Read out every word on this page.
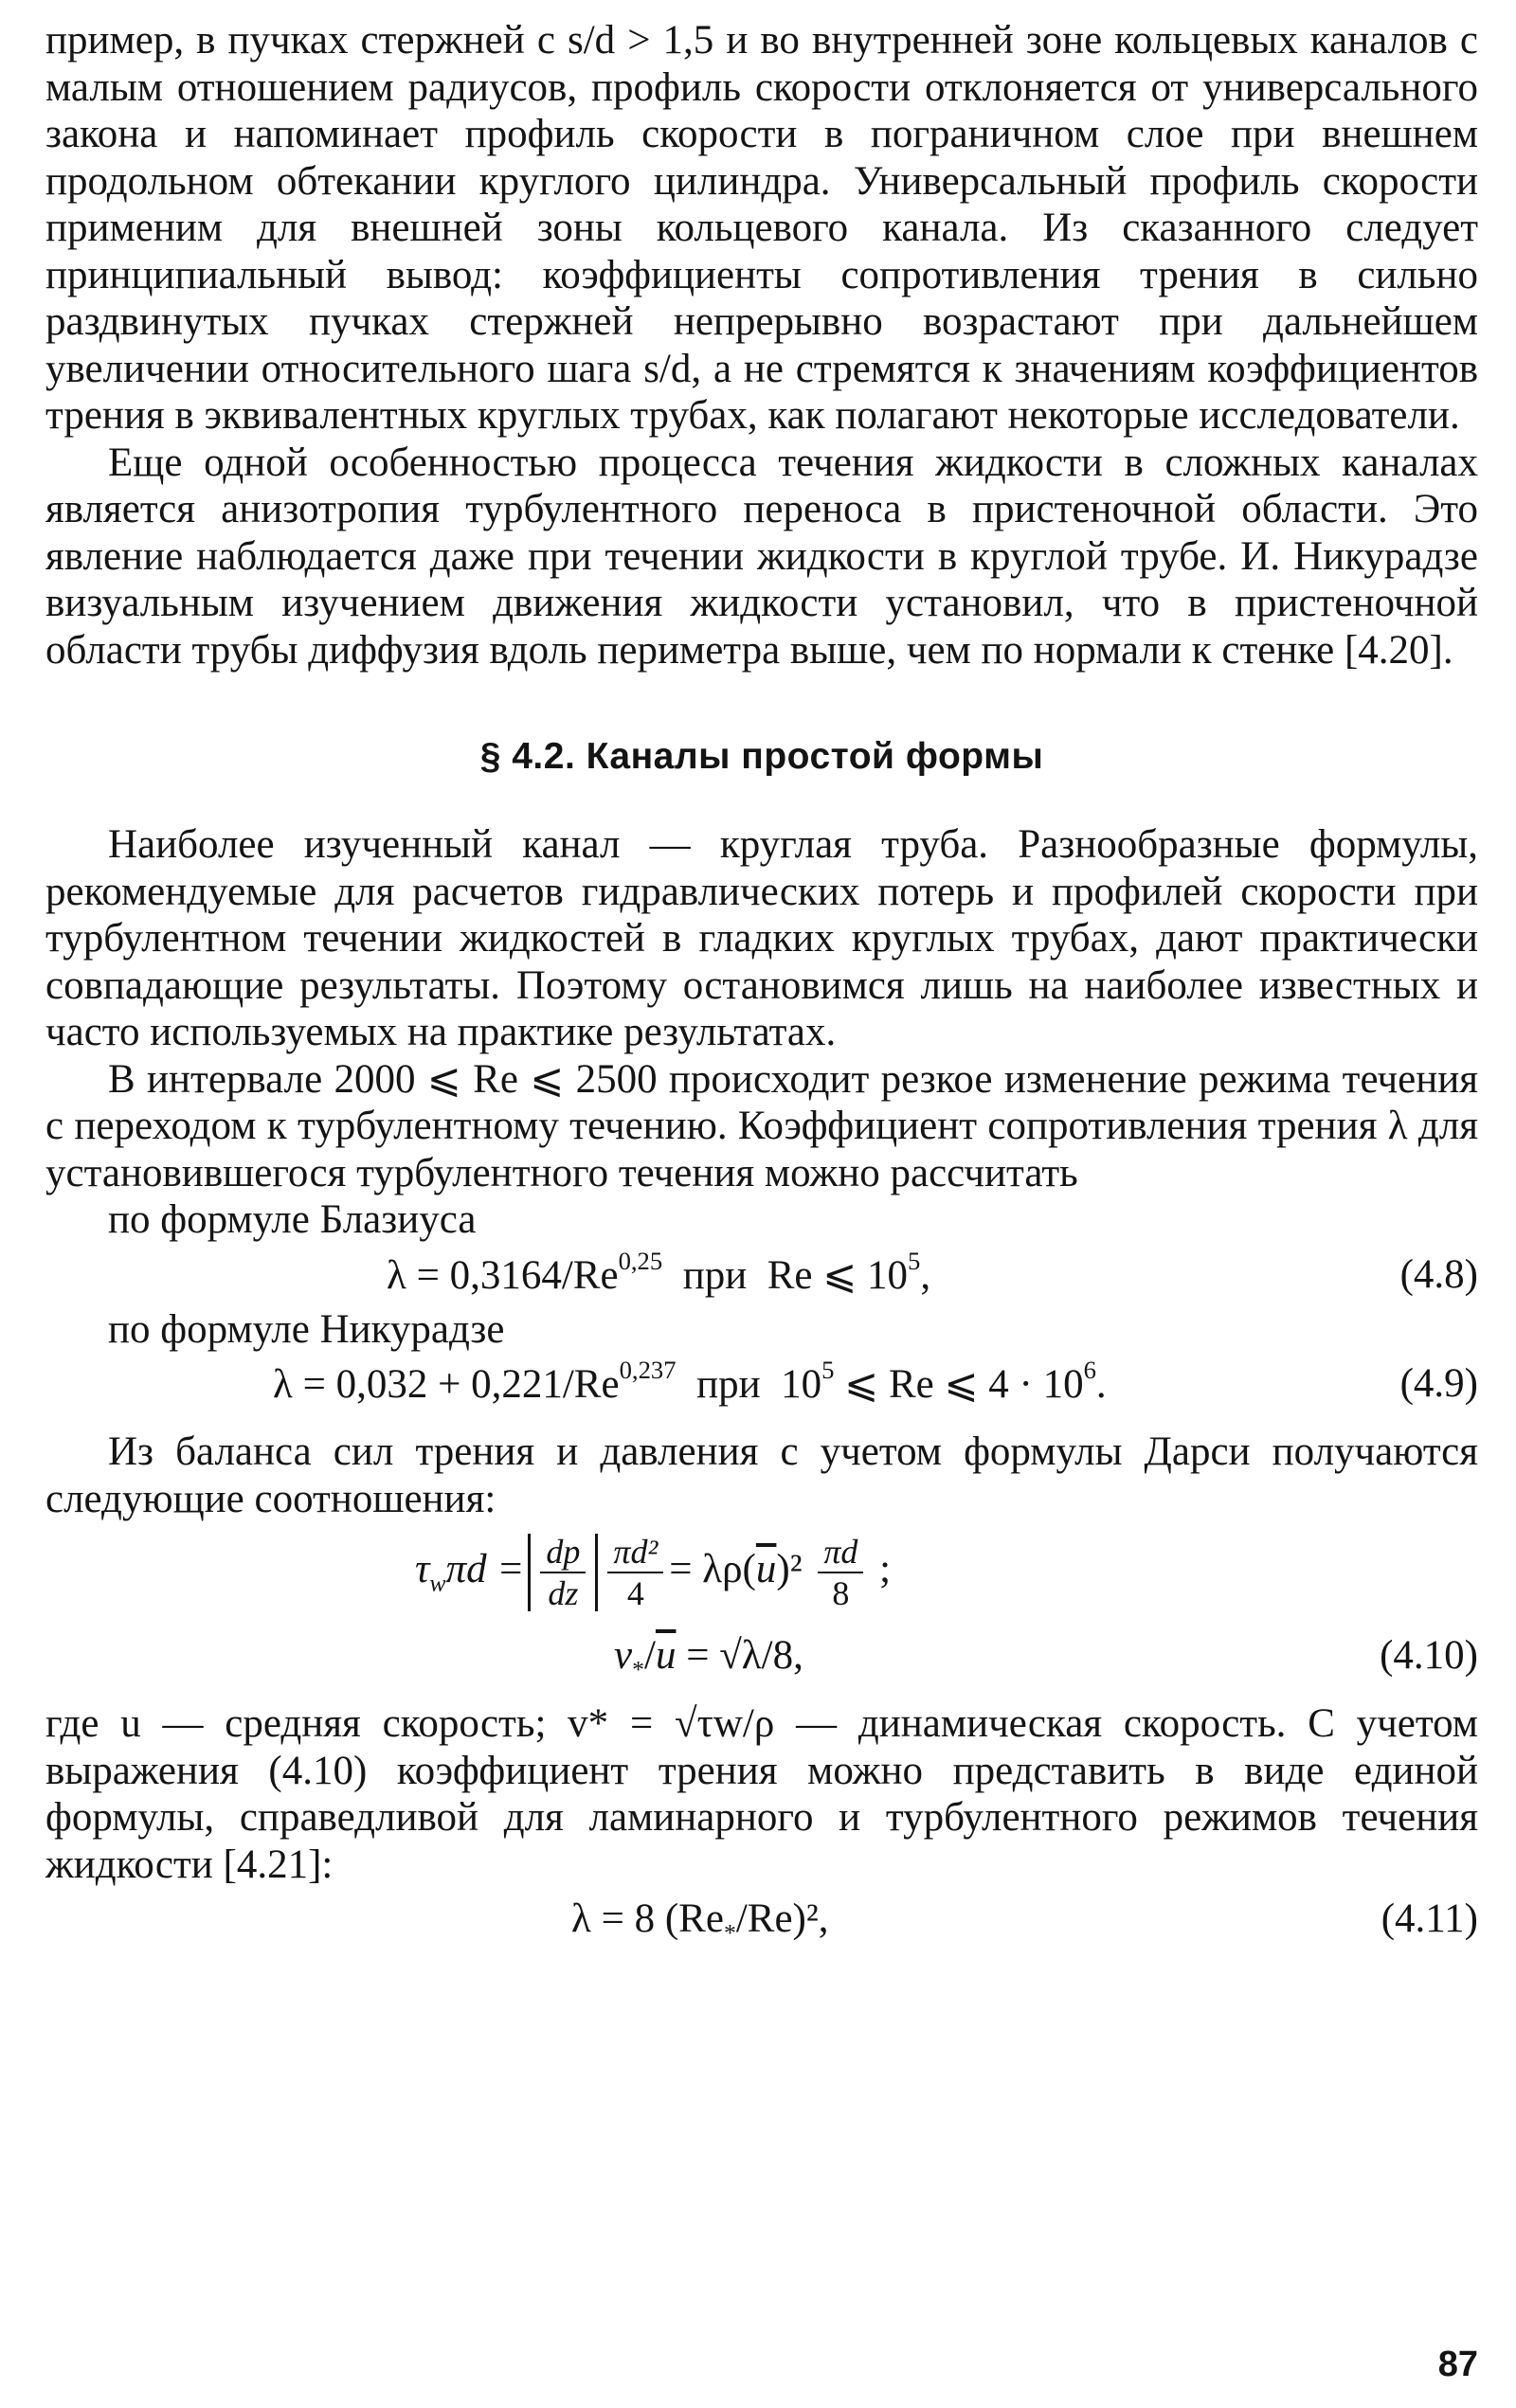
пример, в пучках стержней с s/d > 1,5 и во внутренней зоне кольцевых каналов с малым отношением радиусов, профиль скорости отклоняется от универсального закона и напоминает профиль скорости в пограничном слое при внешнем продольном обтекании круглого цилиндра. Универсальный профиль скорости применим для внешней зоны кольцевого канала. Из сказанного следует принципиальный вывод: коэффициенты сопротивления трения в сильно раздвинутых пучках стержней непрерывно возрастают при дальнейшем увеличении относительного шага s/d, а не стремятся к значениям коэффициентов трения в эквивалентных круглых трубах, как полагают некоторые исследователи.

Еще одной особенностью процесса течения жидкости в сложных каналах является анизотропия турбулентного переноса в пристеночной области. Это явление наблюдается даже при течении жидкости в круглой трубе. И. Никурадзе визуальным изучением движения жидкости установил, что в пристеночной области трубы диффузия вдоль периметра выше, чем по нормали к стенке [4.20].

§ 4.2. Каналы простой формы

Наиболее изученный канал — круглая труба. Разнообразные формулы, рекомендуемые для расчетов гидравлических потерь и профилей скорости при турбулентном течении жидкостей в гладких круглых трубах, дают практически совпадающие результаты. Поэтому остановимся лишь на наиболее известных и часто используемых на практике результатах.

В интервале 2000 ⩽ Re ⩽ 2500 происходит резкое изменение режима течения с переходом к турбулентному течению. Коэффициент сопротивления трения λ для установившегося турбулентного течения можно рассчитать

по формуле Блазиуса

λ = 0,3164/Re$^{0,25}$  при  Re ⩽ $10^5$,	(4.8)

по формуле Никурадзе

λ = 0,032 + 0,221/Re$^{0,237}$  при  $10^5$ ⩽ Re ⩽ $4 \cdot 10^6$.	(4.9)

Из баланса сил трения и давления с учетом формулы Дарси получаются следующие соотношения:

$\tau_w\pi d = \frac{dp}{dz} \frac{\text{πd²}}{4} = \lambda\rho(\overline{u})^2 \frac{\pi d}{8}$ ;
$v_*/\overline{u} = √\lambda/8$,	(4.10)

где u — средняя скорость; v* = √τw/ρ — динамическая скорость. С учетом выражения (4.10) коэффициент трения можно представить в виде единой формулы, справедливой для ламинарного и турбулентного режимов течения жидкости [4.21]:

λ = 8 $(Re_*/Re)^2$,	(4.11)
87
